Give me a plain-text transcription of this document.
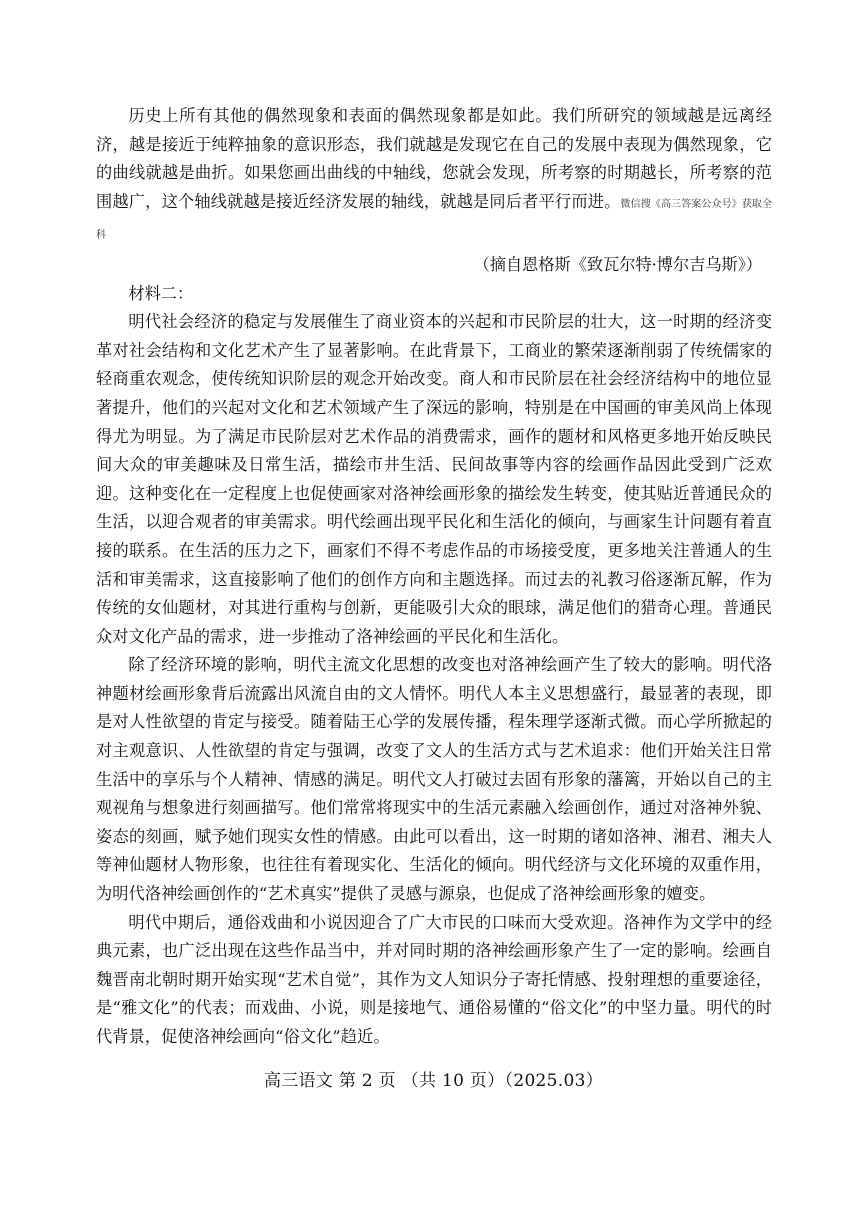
历史上所有其他的偶然现象和表面的偶然现象都是如此。我们所研究的领域越是远离经济，越是接近于纯粹抽象的意识形态，我们就越是发现它在自己的发展中表现为偶然现象，它的曲线就越是曲折。如果您画出曲线的中轴线，您就会发现，所考察的时期越长，所考察的范围越广，这个轴线就越是接近经济发展的轴线，就越是同后者平行而进。微信搜《高三答案公众号》获取全科

（摘自恩格斯《致瓦尔特·博尔吉乌斯》）

材料二：

明代社会经济的稳定与发展催生了商业资本的兴起和市民阶层的壮大，这一时期的经济变革对社会结构和文化艺术产生了显著影响。在此背景下，工商业的繁荣逐渐削弱了传统儒家的轻商重农观念，使传统知识阶层的观念开始改变。商人和市民阶层在社会经济结构中的地位显著提升，他们的兴起对文化和艺术领域产生了深远的影响，特别是在中国画的审美风尚上体现得尤为明显。为了满足市民阶层对艺术作品的消费需求，画作的题材和风格更多地开始反映民间大众的审美趣味及日常生活，描绘市井生活、民间故事等内容的绘画作品因此受到广泛欢迎。这种变化在一定程度上也促使画家对洛神绘画形象的描绘发生转变，使其贴近普通民众的生活，以迎合观者的审美需求。明代绘画出现平民化和生活化的倾向，与画家生计问题有着直接的联系。在生活的压力之下，画家们不得不考虑作品的市场接受度，更多地关注普通人的生活和审美需求，这直接影响了他们的创作方向和主题选择。而过去的礼教习俗逐渐瓦解，作为传统的女仙题材，对其进行重构与创新，更能吸引大众的眼球，满足他们的猎奇心理。普通民众对文化产品的需求，进一步推动了洛神绘画的平民化和生活化。

除了经济环境的影响，明代主流文化思想的改变也对洛神绘画产生了较大的影响。明代洛神题材绘画形象背后流露出风流自由的文人情怀。明代人本主义思想盛行，最显著的表现，即是对人性欲望的肯定与接受。随着陆王心学的发展传播，程朱理学逐渐式微。而心学所掀起的对主观意识、人性欲望的肯定与强调，改变了文人的生活方式与艺术追求：他们开始关注日常生活中的享乐与个人精神、情感的满足。明代文人打破过去固有形象的藩篱，开始以自己的主观视角与想象进行刻画描写。他们常常将现实中的生活元素融入绘画创作，通过对洛神外貌、姿态的刻画，赋予她们现实女性的情感。由此可以看出，这一时期的诸如洛神、湘君、湘夫人等神仙题材人物形象，也往往有着现实化、生活化的倾向。明代经济与文化环境的双重作用，为明代洛神绘画创作的“艺术真实”提供了灵感与源泉，也促成了洛神绘画形象的嬗变。

明代中期后，通俗戏曲和小说因迎合了广大市民的口味而大受欢迎。洛神作为文学中的经典元素，也广泛出现在这些作品当中，并对同时期的洛神绘画形象产生了一定的影响。绘画自魏晋南北朝时期开始实现“艺术自觉”，其作为文人知识分子寄托情感、投射理想的重要途径，是“雅文化”的代表；而戏曲、小说，则是接地气、通俗易懂的“俗文化”的中坚力量。明代的时代背景，促使洛神绘画向“俗文化”趋近。

高三语文 第 2 页 （共 10 页）（2025.03）
